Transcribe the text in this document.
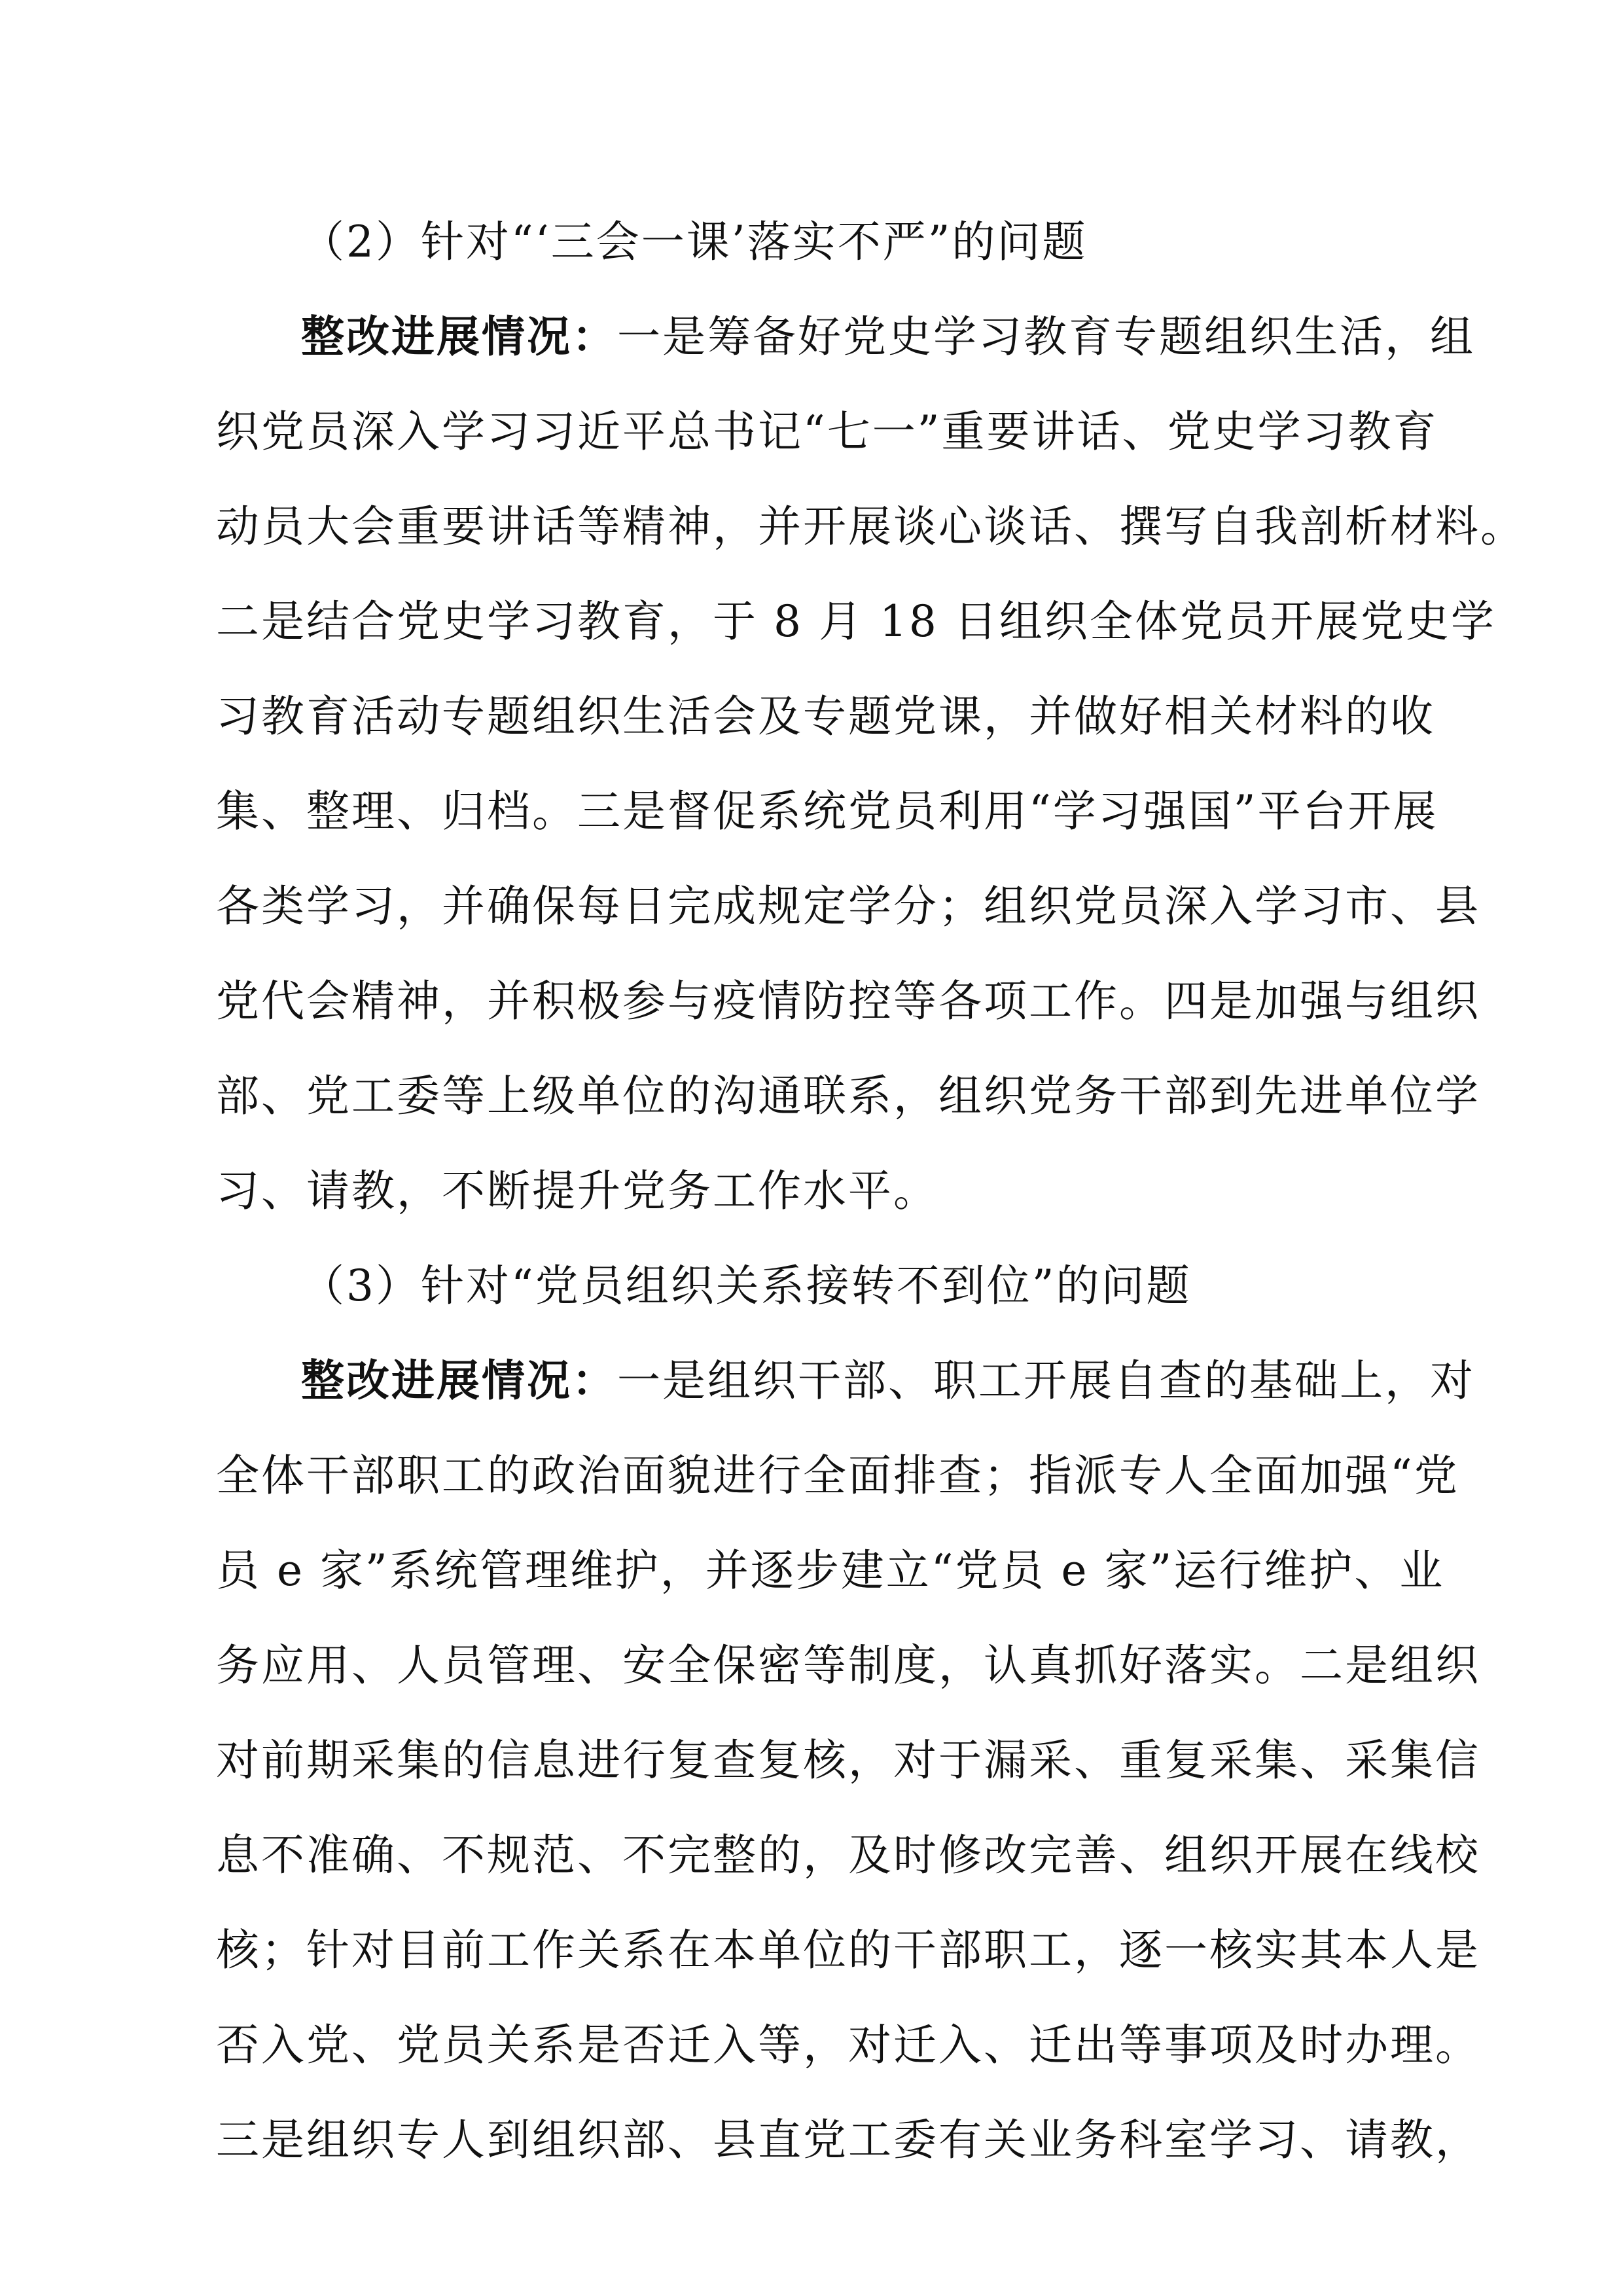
（2）针对“‘三会一课’落实不严”的问题
整改进展情况：一是筹备好党史学习教育专题组织生活，组
织党员深入学习习近平总书记“七一”重要讲话、党史学习教育
动员大会重要讲话等精神，并开展谈心谈话、撰写自我剖析材料。
二是结合党史学习教育，于 8 月 18 日组织全体党员开展党史学
习教育活动专题组织生活会及专题党课，并做好相关材料的收
集、整理、归档。三是督促系统党员利用“学习强国”平台开展
各类学习，并确保每日完成规定学分；组织党员深入学习市、县
党代会精神，并积极参与疫情防控等各项工作。四是加强与组织
部、党工委等上级单位的沟通联系，组织党务干部到先进单位学
习、请教，不断提升党务工作水平。
（3）针对“党员组织关系接转不到位”的问题
整改进展情况：一是组织干部、职工开展自查的基础上，对
全体干部职工的政治面貌进行全面排查；指派专人全面加强“党
员 e 家”系统管理维护，并逐步建立“党员 e 家”运行维护、业
务应用、人员管理、安全保密等制度，认真抓好落实。二是组织
对前期采集的信息进行复查复核，对于漏采、重复采集、采集信
息不准确、不规范、不完整的，及时修改完善、组织开展在线校
核；针对目前工作关系在本单位的干部职工，逐一核实其本人是
否入党、党员关系是否迁入等，对迁入、迁出等事项及时办理。
三是组织专人到组织部、县直党工委有关业务科室学习、请教，
